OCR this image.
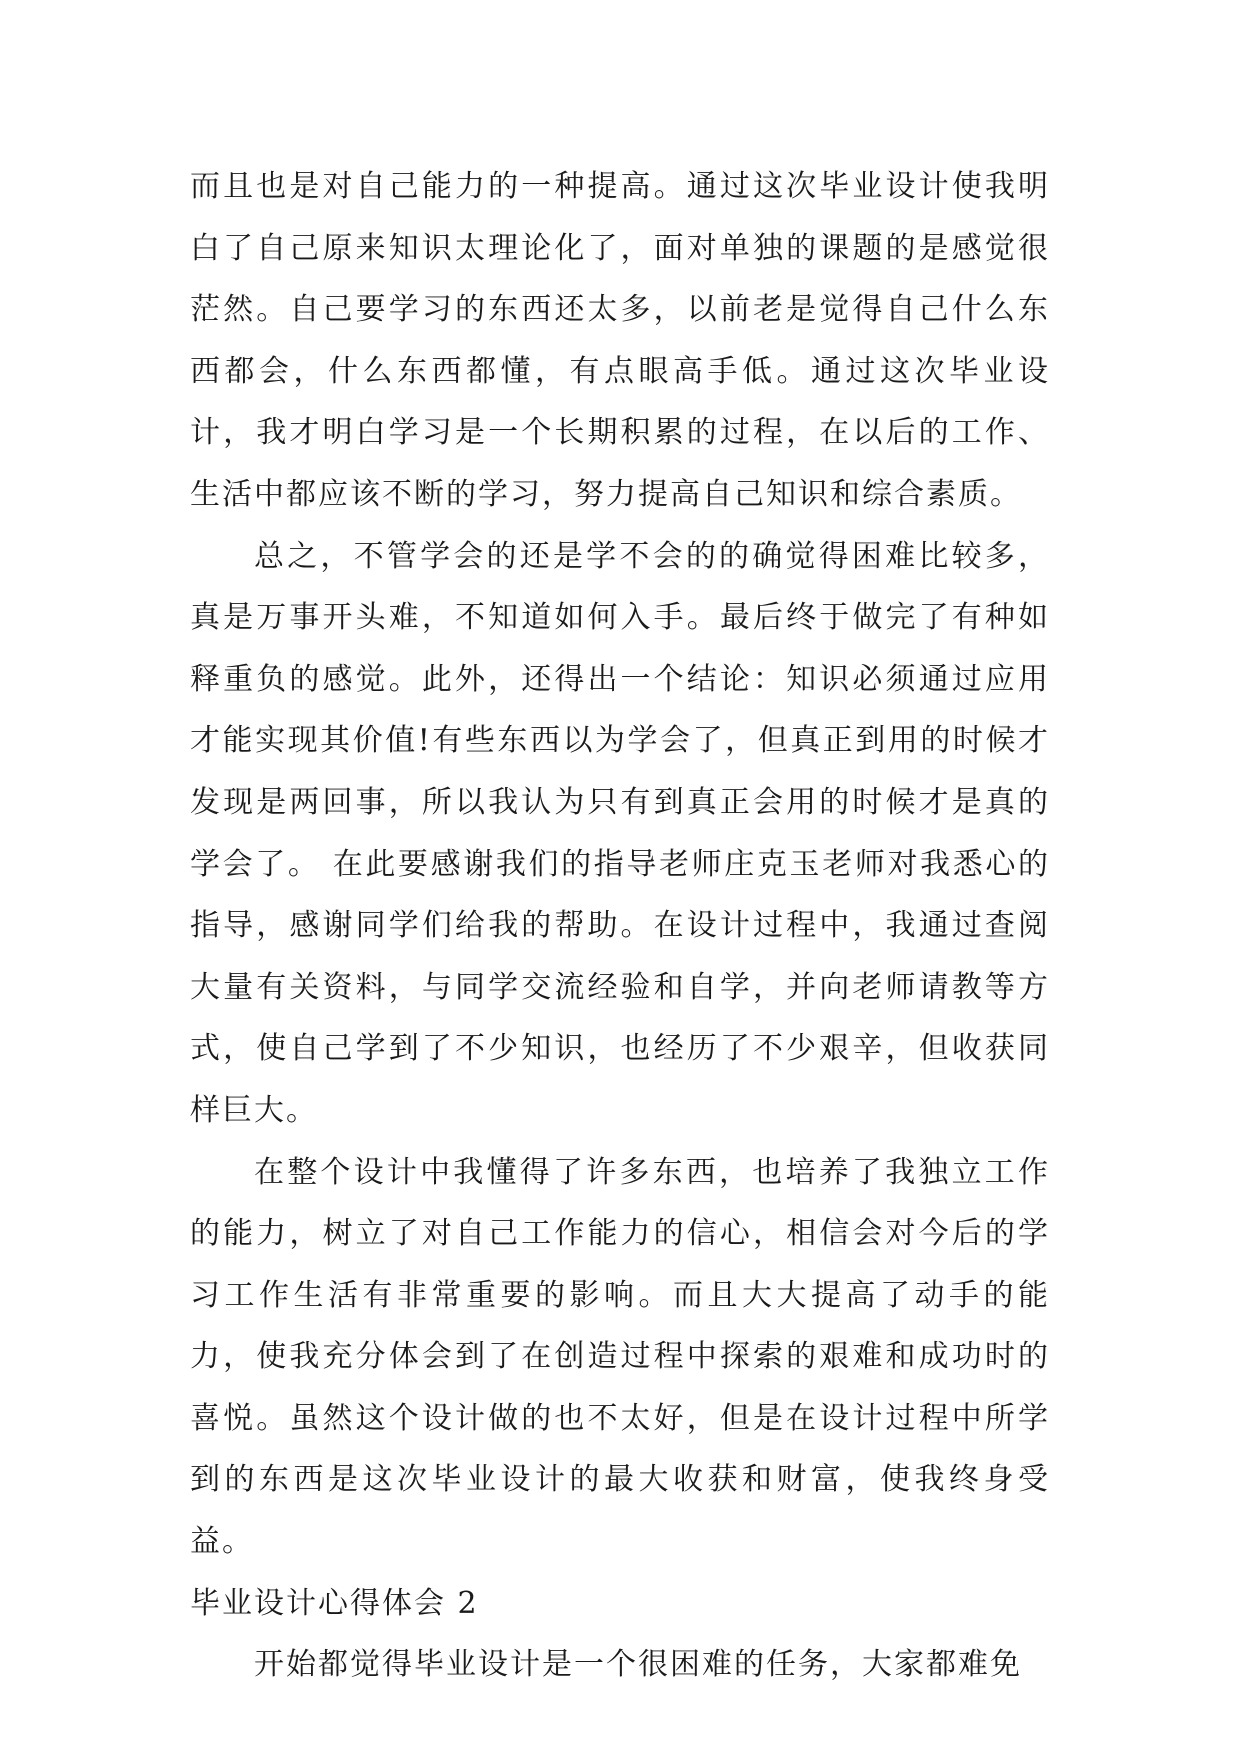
而且也是对自己能力的一种提高。通过这次毕业设计使我明白了自己原来知识太理论化了，面对单独的课题的是感觉很茫然。自己要学习的东西还太多，以前老是觉得自己什么东西都会，什么东西都懂，有点眼高手低。通过这次毕业设计，我才明白学习是一个长期积累的过程，在以后的工作、生活中都应该不断的学习，努力提高自己知识和综合素质。

总之，不管学会的还是学不会的的确觉得困难比较多，真是万事开头难，不知道如何入手。最后终于做完了有种如释重负的感觉。此外，还得出一个结论：知识必须通过应用才能实现其价值!有些东西以为学会了，但真正到用的时候才发现是两回事，所以我认为只有到真正会用的时候才是真的学会了。 在此要感谢我们的指导老师庄克玉老师对我悉心的指导，感谢同学们给我的帮助。在设计过程中，我通过查阅大量有关资料，与同学交流经验和自学，并向老师请教等方式，使自己学到了不少知识，也经历了不少艰辛，但收获同样巨大。

在整个设计中我懂得了许多东西，也培养了我独立工作的能力，树立了对自己工作能力的信心，相信会对今后的学习工作生活有非常重要的影响。而且大大提高了动手的能力，使我充分体会到了在创造过程中探索的艰难和成功时的喜悦。虽然这个设计做的也不太好，但是在设计过程中所学到的东西是这次毕业设计的最大收获和财富，使我终身受益。

毕业设计心得体会 2

开始都觉得毕业设计是一个很困难的任务，大家都难免
